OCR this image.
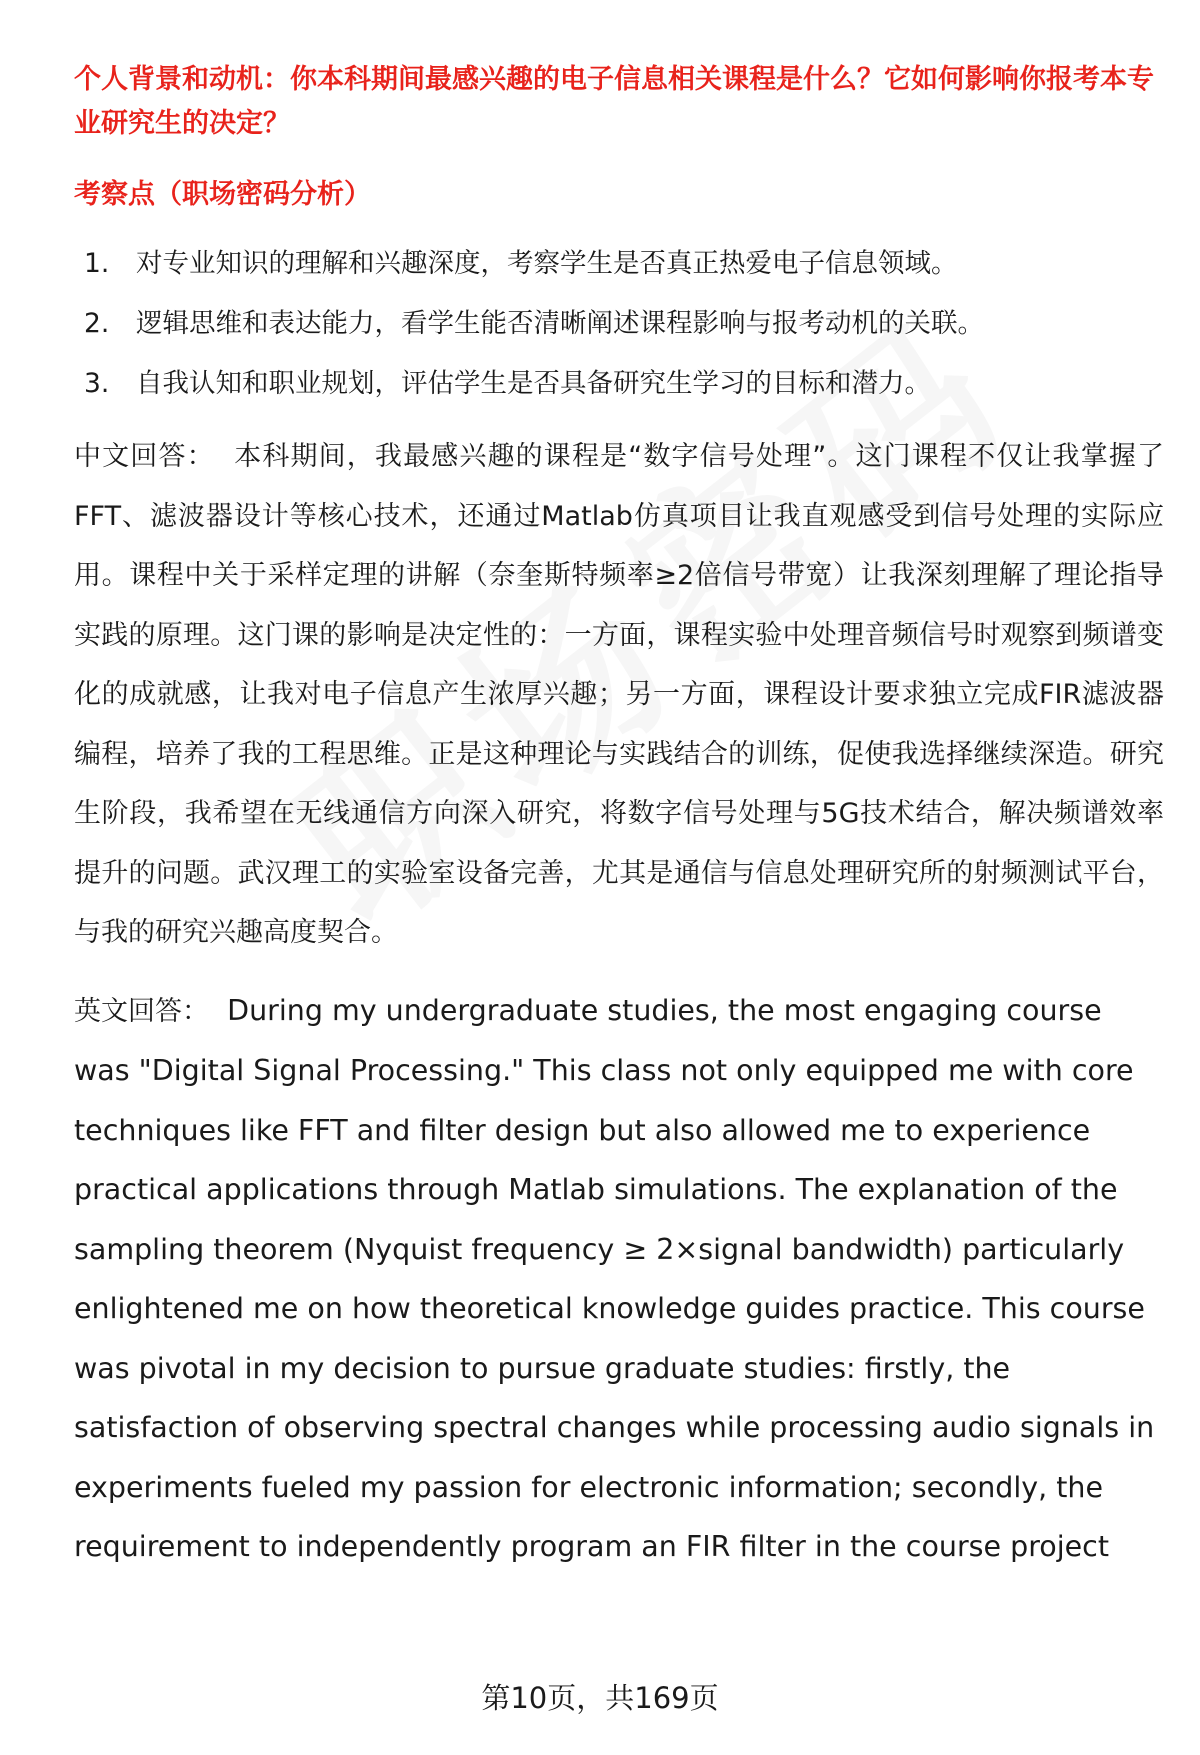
个人背景和动机：你本科期间最感兴趣的电子信息相关课程是什么？它如何影响你报考本专业研究生的决定？

考察点（职场密码分析）

1.	对专业知识的理解和兴趣深度，考察学生是否真正热爱电子信息领域。
2.	逻辑思维和表达能力，看学生能否清晰阐述课程影响与报考动机的关联。
3.	自我认知和职业规划，评估学生是否具备研究生学习的目标和潜力。

中文回答： 本科期间，我最感兴趣的课程是“数字信号处理”。这门课程不仅让我掌握了FFT、滤波器设计等核心技术，还通过Matlab仿真项目让我直观感受到信号处理的实际应用。课程中关于采样定理的讲解（奈奎斯特频率≥2倍信号带宽）让我深刻理解了理论指导实践的原理。这门课的影响是决定性的：一方面，课程实验中处理音频信号时观察到频谱变化的成就感，让我对电子信息产生浓厚兴趣；另一方面，课程设计要求独立完成FIR滤波器编程，培养了我的工程思维。正是这种理论与实践结合的训练，促使我选择继续深造。研究生阶段，我希望在无线通信方向深入研究，将数字信号处理与5G技术结合，解决频谱效率提升的问题。武汉理工的实验室设备完善，尤其是通信与信息处理研究所的射频测试平台，与我的研究兴趣高度契合。

英文回答： During my undergraduate studies, the most engaging course was "Digital Signal Processing." This class not only equipped me with core techniques like FFT and filter design but also allowed me to experience practical applications through Matlab simulations. The explanation of the sampling theorem (Nyquist frequency ≥ 2×signal bandwidth) particularly enlightened me on how theoretical knowledge guides practice. This course was pivotal in my decision to pursue graduate studies: firstly, the satisfaction of observing spectral changes while processing audio signals in experiments fueled my passion for electronic information; secondly, the requirement to independently program an FIR filter in the course project

第10页，共169页
